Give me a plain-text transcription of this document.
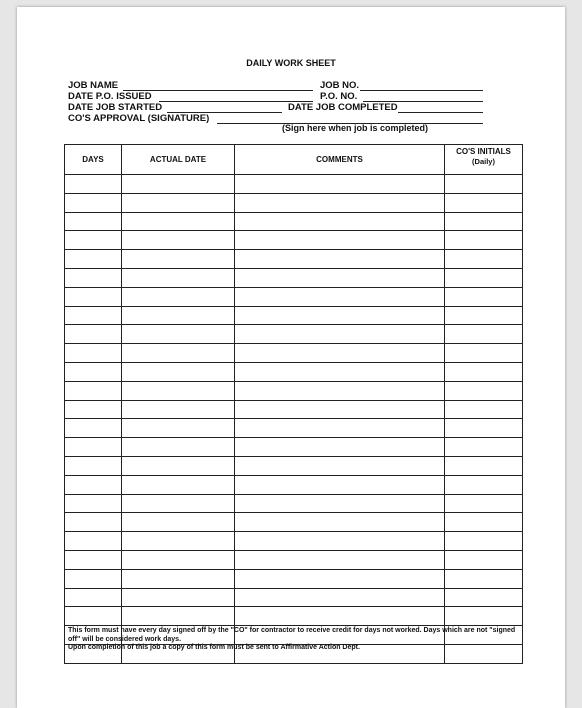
DAILY WORK SHEET
JOB NAME	JOB NO.
DATE P.O. ISSUED	P.O. NO.
DATE JOB STARTED	DATE JOB COMPLETED
CO'S APPROVAL (SIGNATURE)
(Sign here when job is completed)
DAYS	ACTUAL DATE	COMMENTS	CO'S INITIALS
(Daily)

This form must have every day signed off by the "CO" for contractor to receive credit for days not worked. Days which are not "signed off" will be considered work days.
Upon completion of this job a copy of this form must be sent to Affirmative Action Dept.
